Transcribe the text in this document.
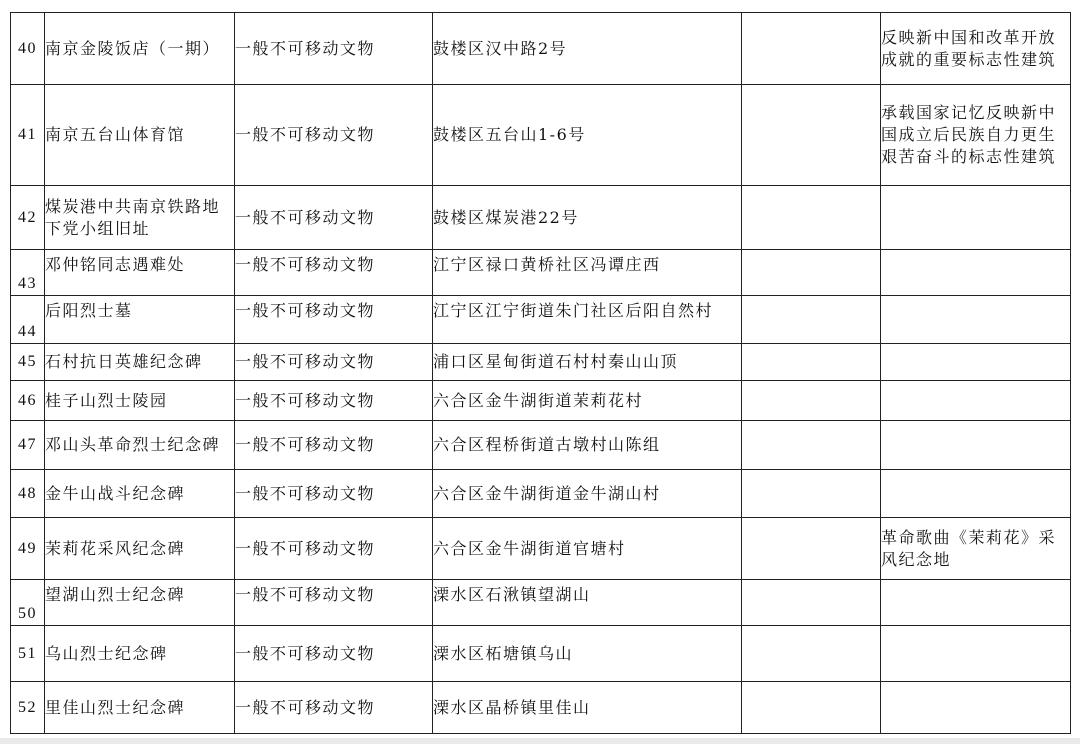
40	南京金陵饭店（一期）	一般不可移动文物	鼓楼区汉中路2号		反映新中国和改革开放成就的重要标志性建筑
41	南京五台山体育馆	一般不可移动文物	鼓楼区五台山1-6号		承载国家记忆反映新中国成立后民族自力更生艰苦奋斗的标志性建筑
42	煤炭港中共南京铁路地下党小组旧址	一般不可移动文物	鼓楼区煤炭港22号		
43	邓仲铭同志遇难处	一般不可移动文物	江宁区禄口黄桥社区冯谭庄西		
44	后阳烈士墓	一般不可移动文物	江宁区江宁街道朱门社区后阳自然村		
45	石村抗日英雄纪念碑	一般不可移动文物	浦口区星甸街道石村村秦山山顶		
46	桂子山烈士陵园	一般不可移动文物	六合区金牛湖街道茉莉花村		
47	邓山头革命烈士纪念碑	一般不可移动文物	六合区程桥街道古墩村山陈组		
48	金牛山战斗纪念碑	一般不可移动文物	六合区金牛湖街道金牛湖山村		
49	茉莉花采风纪念碑	一般不可移动文物	六合区金牛湖街道官塘村		革命歌曲《茉莉花》采风纪念地
50	望湖山烈士纪念碑	一般不可移动文物	溧水区石湫镇望湖山		
51	乌山烈士纪念碑	一般不可移动文物	溧水区柘塘镇乌山		
52	里佳山烈士纪念碑	一般不可移动文物	溧水区晶桥镇里佳山		
